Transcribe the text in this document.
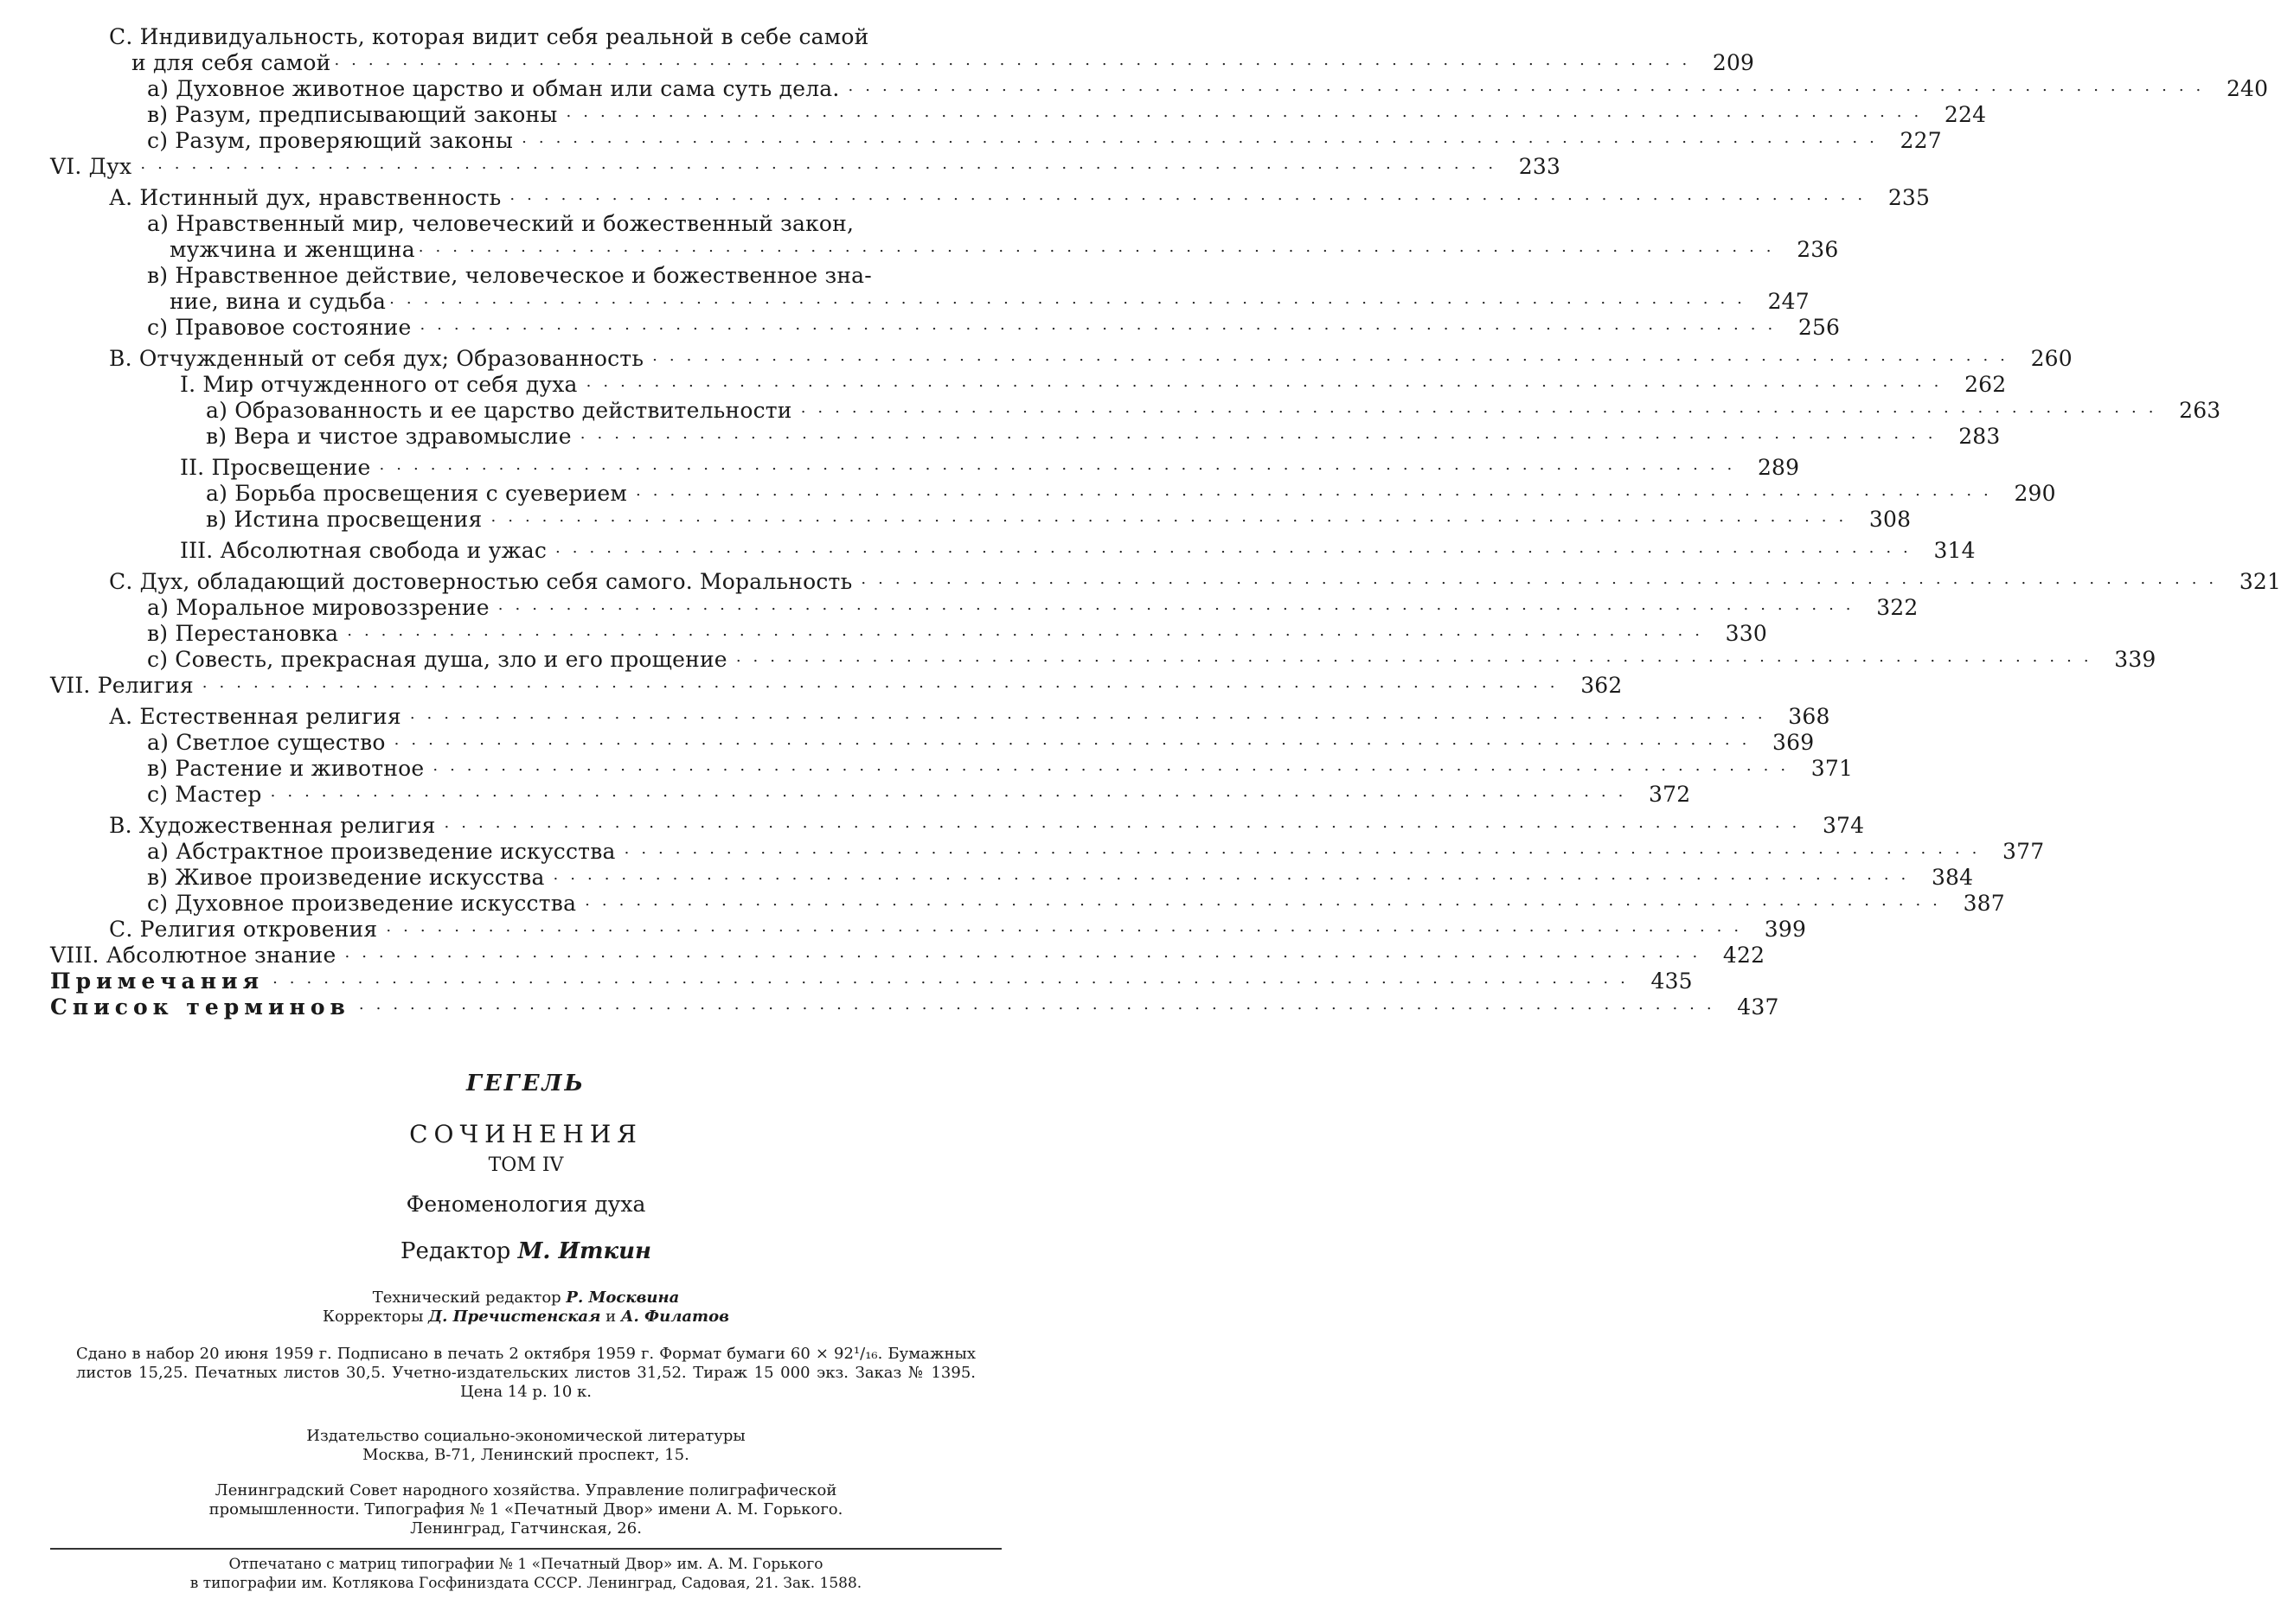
С. Индивидуальность, которая видит себя реальной в себе самой
и для себя самой ................................................................................ 209
а) Духовное животное царство и обман или сама суть дела. ................................................................................ 240
в) Разум, предписывающий законы ................................................................................ 224
с) Разум, проверяющий законы ................................................................................ 227
VI. Дух ................................................................................ 233
А. Истинный дух, нравственность ................................................................................ 235
а) Нравственный мир, человеческий и божественный закон,
мужчина и женщина ................................................................................ 236
в) Нравственное действие, человеческое и божественное зна-
ние, вина и судьба ................................................................................ 247
с) Правовое состояние ................................................................................ 256
В. Отчужденный от себя дух; Образованность ................................................................................ 260
I. Мир отчужденного от себя духа ................................................................................ 262
а) Образованность и ее царство действительности ................................................................................ 263
в) Вера и чистое здравомыслие ................................................................................ 283
II. Просвещение ................................................................................ 289
а) Борьба просвещения с суеверием ................................................................................ 290
в) Истина просвещения ................................................................................ 308
III. Абсолютная свобода и ужас ................................................................................ 314
С. Дух, обладающий достоверностью себя самого. Моральность ................................................................................ 321
а) Моральное мировоззрение ................................................................................ 322
в) Перестановка ................................................................................ 330
с) Совесть, прекрасная душа, зло и его прощение ................................................................................ 339
VII. Религия ................................................................................ 362
А. Естественная религия ................................................................................ 368
а) Светлое существо ................................................................................ 369
в) Растение и животное ................................................................................ 371
с) Мастер ................................................................................ 372
В. Художественная религия ................................................................................ 374
а) Абстрактное произведение искусства ................................................................................ 377
в) Живое произведение искусства ................................................................................ 384
с) Духовное произведение искусства ................................................................................ 387
С. Религия откровения ................................................................................ 399
VIII. Абсолютное знание ................................................................................ 422
Примечания ................................................................................ 435
Список терминов ................................................................................ 437
ГЕГЕЛЬ
СОЧИНЕНИЯ
ТОМ IV
Феноменология духа
Редактор М. Иткин
Технический редактор Р. Москвина
Корректоры Д. Пречистенская и А. Филатов
Сдано в набор 20 июня 1959 г. Подписано в печать 2 октября 1959 г. Формат бумаги 60 × 92¹/₁₆. Бумажных листов 15,25. Печатных листов 30,5. Учетно-издательских листов 31,52. Тираж 15 000 экз. Заказ № 1395. Цена 14 р. 10 к.
Издательство социально-экономической литературы
Москва, В-71, Ленинский проспект, 15.
Ленинградский Совет народного хозяйства. Управление полиграфической
промышленности. Типография № 1 «Печатный Двор» имени А. М. Горького.
Ленинград, Гатчинская, 26.
Отпечатано с матриц типографии № 1 «Печатный Двор» им. А. М. Горького
в типографии им. Котлякова Госфиниздата СССР. Ленинград, Садовая, 21. Зак. 1588.
